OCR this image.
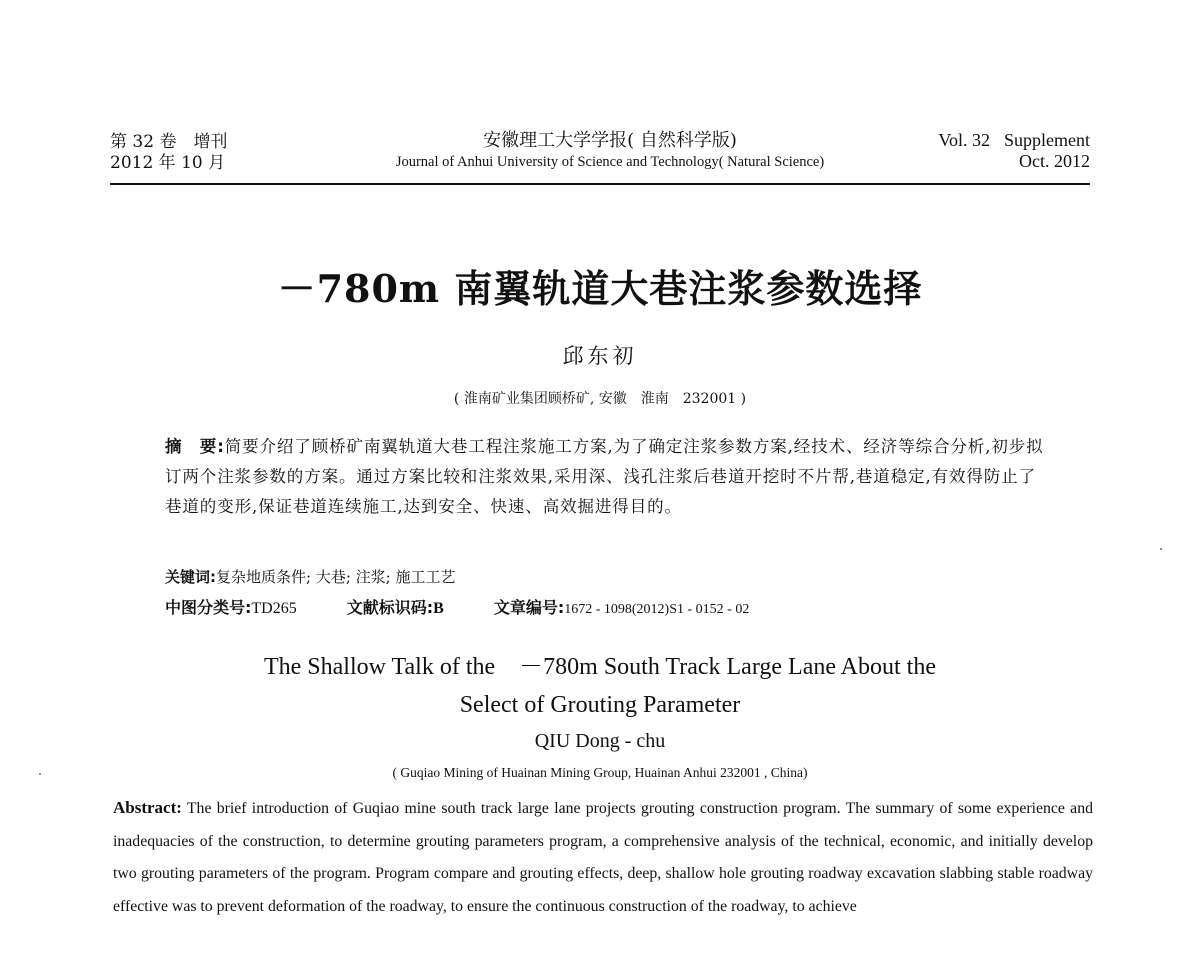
第 32 卷　增刊
2012 年 10 月
安徽理工大学学报( 自然科学版)
Journal of Anhui University of Science and Technology( Natural Science)
Vol. 32 Supplement
Oct. 2012
－780m 南翼轨道大巷注浆参数选择
邱东初
( 淮南矿业集团顾桥矿, 安徽　淮南　232001 )
摘　要:简要介绍了顾桥矿南翼轨道大巷工程注浆施工方案,为了确定注浆参数方案,经技术、经济等综合分析,初步拟订两个注浆参数的方案。通过方案比较和注浆效果,采用深、浅孔注浆后巷道开挖时不片帮,巷道稳定,有效得防止了巷道的变形,保证巷道连续施工,达到安全、快速、高效掘进得目的。
关键词:复杂地质条件; 大巷; 注浆; 施工工艺
中图分类号:TD265	文献标识码:B	文章编号:1672 - 1098(2012)S1 - 0152 - 02
The Shallow Talk of the　－780m South Track Large Lane About the
Select of Grouting Parameter
QIU Dong - chu
( Guqiao Mining of Huainan Mining Group, Huainan Anhui 232001 , China)
Abstract: The brief introduction of Guqiao mine south track large lane projects grouting construction program. The summary of some experience and inadequacies of the construction, to determine grouting parameters program, a comprehensive analysis of the technical, economic, and initially develop two grouting parameters of the program. Program compare and grouting effects, deep, shallow hole grouting roadway excavation slabbing stable roadway effective was to prevent deformation of the roadway, to ensure the continuous construction of the roadway, to achieve
